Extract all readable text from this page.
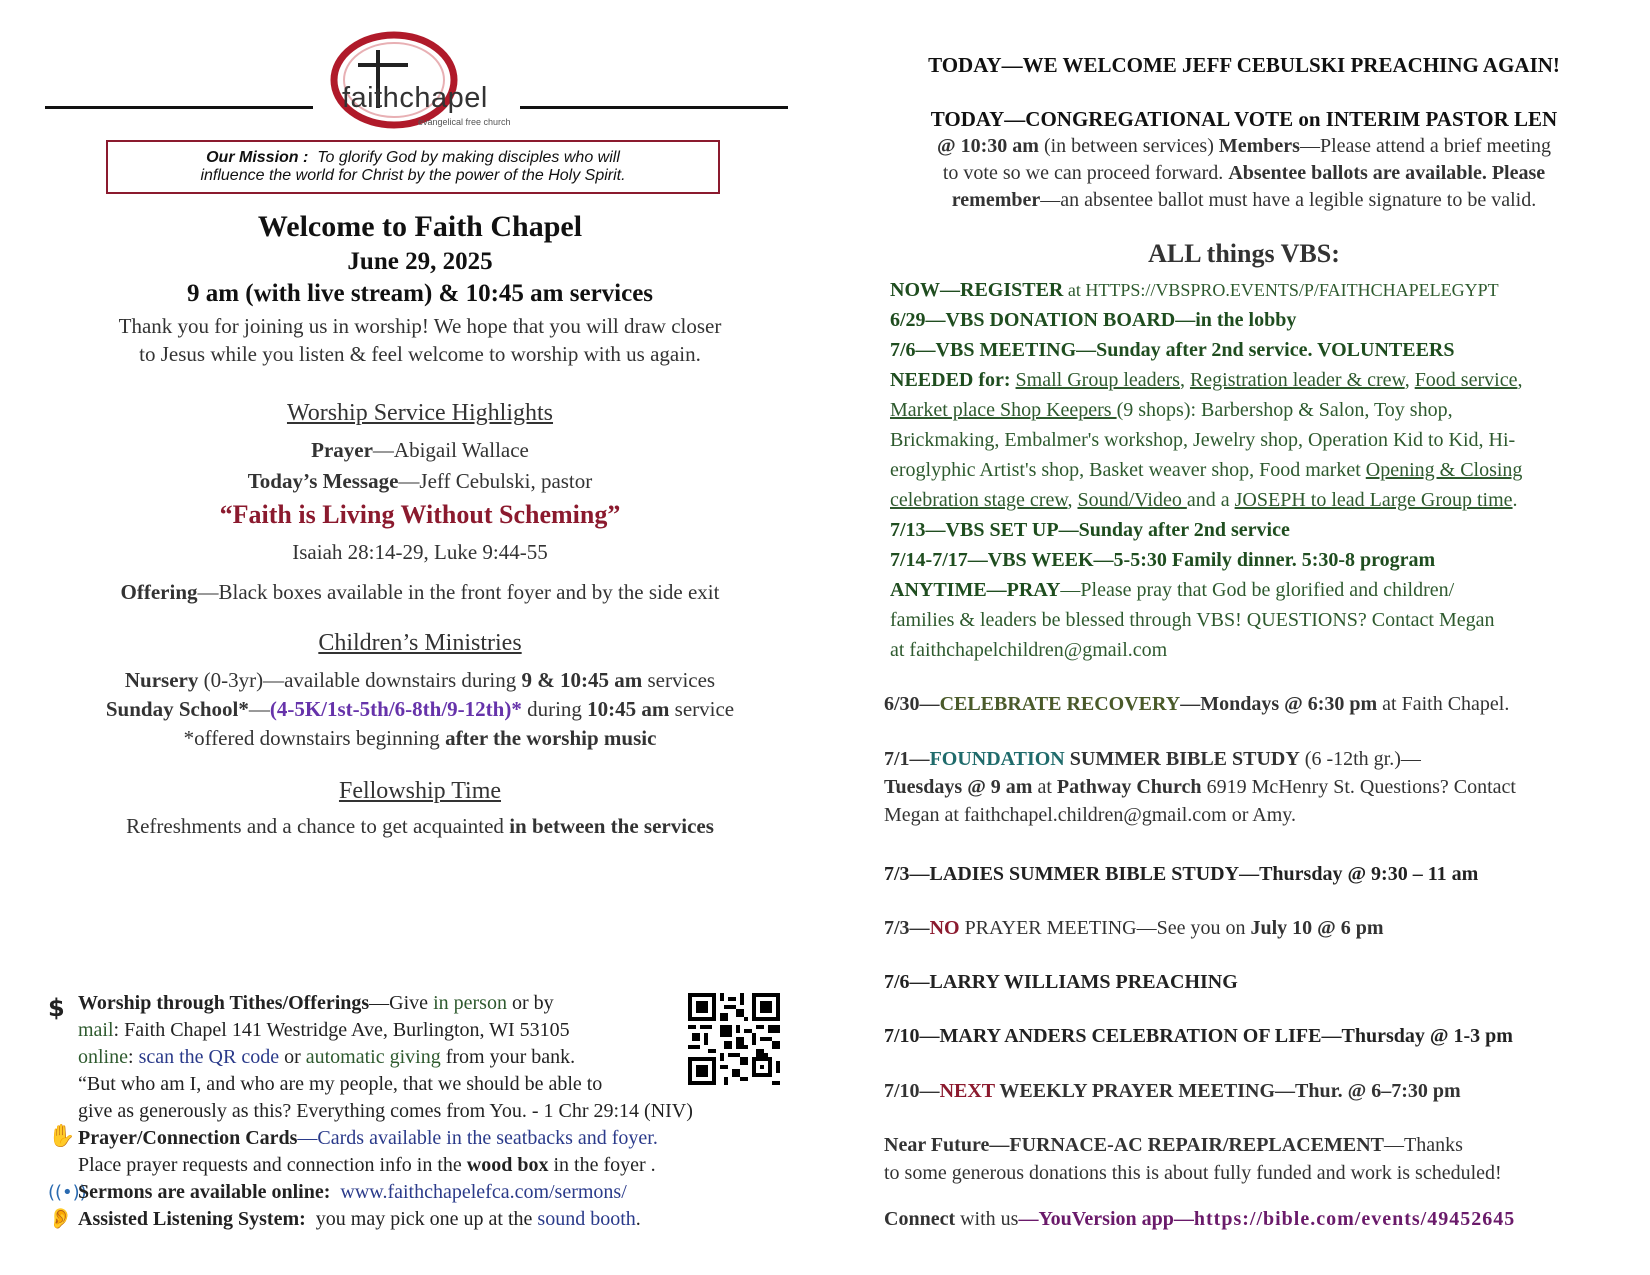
faithchapel
evangelical free church
Our Mission : To glorify God by making disciples who will
influence the world for Christ by the power of the Holy Spirit.
Welcome to Faith Chapel
June 29, 2025
9 am (with live stream) & 10:45 am services
Thank you for joining us in worship! We hope that you will draw closer
to Jesus while you listen & feel welcome to worship with us again.
Worship Service Highlights
Prayer—Abigail Wallace
Today’s Message—Jeff Cebulski, pastor
“Faith is Living Without Scheming”
Isaiah 28:14-29, Luke 9:44-55
Offering—Black boxes available in the front foyer and by the side exit
Children’s Ministries
Nursery (0-3yr)—available downstairs during 9 & 10:45 am services
Sunday School*—(4-5K/1st-5th/6-8th/9-12th)* during 10:45 am service
*offered downstairs beginning after the worship music
Fellowship Time
Refreshments and a chance to get acquainted in between the services
$ Worship through Tithes/Offerings—Give in person or by
mail: Faith Chapel 141 Westridge Ave, Burlington, WI 53105
online: scan the QR code or automatic giving from your bank.
“But who am I, and who are my people, that we should be able to
give as generously as this? Everything comes from You. - 1 Chr 29:14 (NIV)
✋ Prayer/Connection Cards—Cards available in the seatbacks and foyer.
Place prayer requests and connection info in the wood box in the foyer .
((•))
Sermons are available online: www.faithchapelefca.com/sermons/
👂 Assisted Listening System: you may pick one up at the sound booth.
TODAY—WE WELCOME JEFF CEBULSKI PREACHING AGAIN!
TODAY—CONGREGATIONAL VOTE on INTERIM PASTOR LEN
@ 10:30 am (in between services) Members—Please attend a brief meeting
to vote so we can proceed forward. Absentee ballots are available. Please
remember—an absentee ballot must have a legible signature to be valid.
ALL things VBS:
NOW—REGISTER at HTTPS://VBSPRO.EVENTS/P/FAITHCHAPELEGYPT
6/29—VBS DONATION BOARD—in the lobby
7/6—VBS MEETING—Sunday after 2nd service. VOLUNTEERS
NEEDED for: Small Group leaders, Registration leader & crew, Food service,
Market place Shop Keepers (9 shops): Barbershop & Salon, Toy shop,
Brickmaking, Embalmer's workshop, Jewelry shop, Operation Kid to Kid, Hi-
eroglyphic Artist's shop, Basket weaver shop, Food market Opening & Closing
celebration stage crew, Sound/Video and a JOSEPH to lead Large Group time.
7/13—VBS SET UP—Sunday after 2nd service
7/14-7/17—VBS WEEK—5-5:30 Family dinner. 5:30-8 program
ANYTIME—PRAY—Please pray that God be glorified and children/
families & leaders be blessed through VBS! QUESTIONS? Contact Megan
at faithchapelchildren@gmail.com
6/30—CELEBRATE RECOVERY—Mondays @ 6:30 pm at Faith Chapel.
7/1—FOUNDATION SUMMER BIBLE STUDY (6 -12th gr.)—
Tuesdays @ 9 am at Pathway Church 6919 McHenry St. Questions? Contact
Megan at faithchapel.children@gmail.com or Amy.
7/3—LADIES SUMMER BIBLE STUDY—Thursday @ 9:30 – 11 am
7/3—NO PRAYER MEETING—See you on July 10 @ 6 pm
7/6—LARRY WILLIAMS PREACHING
7/10—MARY ANDERS CELEBRATION OF LIFE—Thursday @ 1-3 pm
7/10—NEXT WEEKLY PRAYER MEETING—Thur. @ 6–7:30 pm
Near Future—FURNACE-AC REPAIR/REPLACEMENT—Thanks
to some generous donations this is about fully funded and work is scheduled!
Connect with us—YouVersion app—https://bible.com/events/49452645
